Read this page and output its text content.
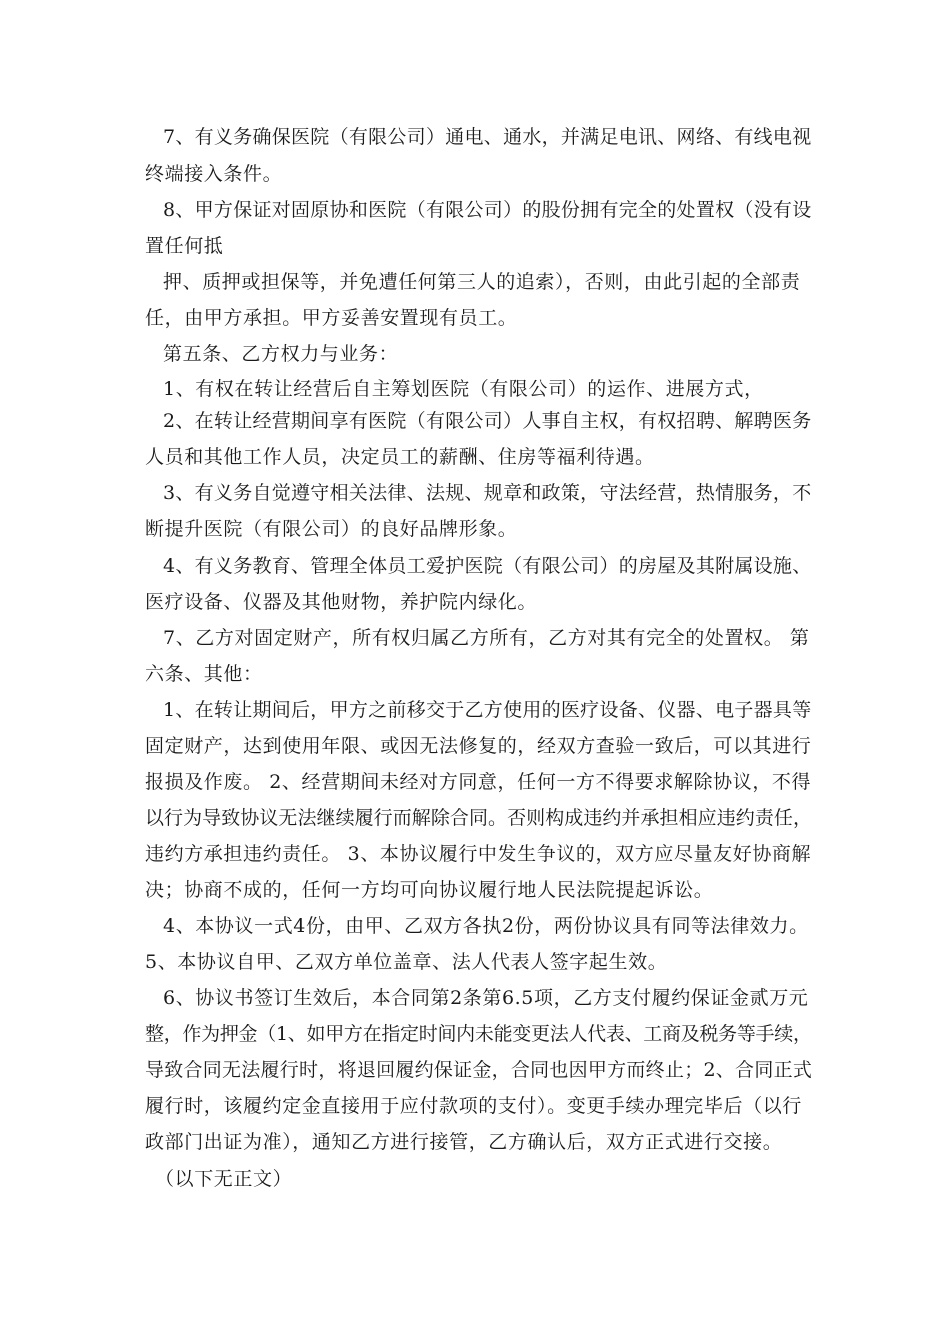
7、有义务确保医院（有限公司）通电、通水，并满足电讯、网络、有线电视
终端接入条件。
8、甲方保证对固原协和医院（有限公司）的股份拥有完全的处置权（没有设
置任何抵
押、质押或担保等，并免遭任何第三人的追索），否则，由此引起的全部责
任，由甲方承担。甲方妥善安置现有员工。
第五条、乙方权力与业务：
1、有权在转让经营后自主筹划医院（有限公司）的运作、进展方式，
2、在转让经营期间享有医院（有限公司）人事自主权，有权招聘、解聘医务
人员和其他工作人员，决定员工的薪酬、住房等福利待遇。
3、有义务自觉遵守相关法律、法规、规章和政策，守法经营，热情服务，不
断提升医院（有限公司）的良好品牌形象。
4、有义务教育、管理全体员工爱护医院（有限公司）的房屋及其附属设施、
医疗设备、仪器及其他财物，养护院内绿化。
7、乙方对固定财产，所有权归属乙方所有，乙方对其有完全的处置权。 第
六条、其他：
1、在转让期间后，甲方之前移交于乙方使用的医疗设备、仪器、电子器具等
固定财产，达到使用年限、或因无法修复的，经双方查验一致后，可以其进行
报损及作废。 2、经营期间未经对方同意，任何一方不得要求解除协议，不得
以行为导致协议无法继续履行而解除合同。否则构成违约并承担相应违约责任，
违约方承担违约责任。 3、本协议履行中发生争议的，双方应尽量友好协商解
决；协商不成的，任何一方均可向协议履行地人民法院提起诉讼。
4、本协议一式4份，由甲、乙双方各执2份，两份协议具有同等法律效力。
5、本协议自甲、乙双方单位盖章、法人代表人签字起生效。
6、协议书签订生效后，本合同第2条第6.5项，乙方支付履约保证金贰万元
整，作为押金（1、如甲方在指定时间内未能变更法人代表、工商及税务等手续，
导致合同无法履行时，将退回履约保证金，合同也因甲方而终止；2、合同正式
履行时，该履约定金直接用于应付款项的支付）。变更手续办理完毕后（以行
政部门出证为准），通知乙方进行接管，乙方确认后，双方正式进行交接。
（以下无正文）
